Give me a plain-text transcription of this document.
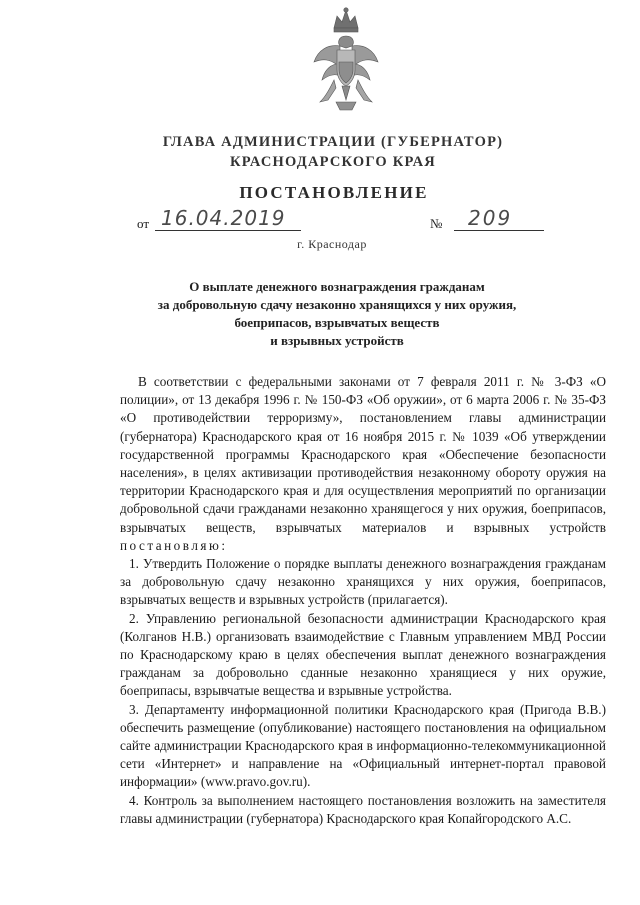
ГЛАВА АДМИНИСТРАЦИИ (ГУБЕРНАТОР)
КРАСНОДАРСКОГО КРАЯ
ПОСТАНОВЛЕНИЕ
от 16.04.2019	№	209
г. Краснодар
О выплате денежного вознаграждения гражданам
за добровольную сдачу незаконно хранящихся у них оружия,
боеприпасов, взрывчатых веществ
и взрывных устройств

В соответствии с федеральными законами от 7 февраля 2011 г. № 3-ФЗ «О полиции», от 13 декабря 1996 г. № 150-ФЗ «Об оружии», от 6 марта 2006 г. № 35-ФЗ «О противодействии терроризму», постановлением главы администрации (губернатора) Краснодарского края от 16 ноября 2015 г. № 1039 «Об утверждении государственной программы Краснодарского края «Обеспечение безопасности населения», в целях активизации противодействия незаконному обороту оружия на территории Краснодарского края и для осуществления мероприятий по организации добровольной сдачи гражданами незаконно хранящегося у них оружия, боеприпасов, взрывчатых веществ, взрывчатых материалов и взрывных устройств постановляю:

1. Утвердить Положение о порядке выплаты денежного вознаграждения гражданам за добровольную сдачу незаконно хранящихся у них оружия, боеприпасов, взрывчатых веществ и взрывных устройств (прилагается).

2. Управлению региональной безопасности администрации Краснодарского края (Колганов Н.В.) организовать взаимодействие с Главным управлением МВД России по Краснодарскому краю в целях обеспечения выплат денежного вознаграждения гражданам за добровольно сданные незаконно хранящиеся у них оружие, боеприпасы, взрывчатые вещества и взрывные устройства.

3. Департаменту информационной политики Краснодарского края (Пригода В.В.) обеспечить размещение (опубликование) настоящего постановления на официальном сайте администрации Краснодарского края в информационно-телекоммуникационной сети «Интернет» и направление на «Официальный интернет-портал правовой информации» (www.pravo.gov.ru).

4. Контроль за выполнением настоящего постановления возложить на заместителя главы администрации (губернатора) Краснодарского края Копайгородского А.С.
